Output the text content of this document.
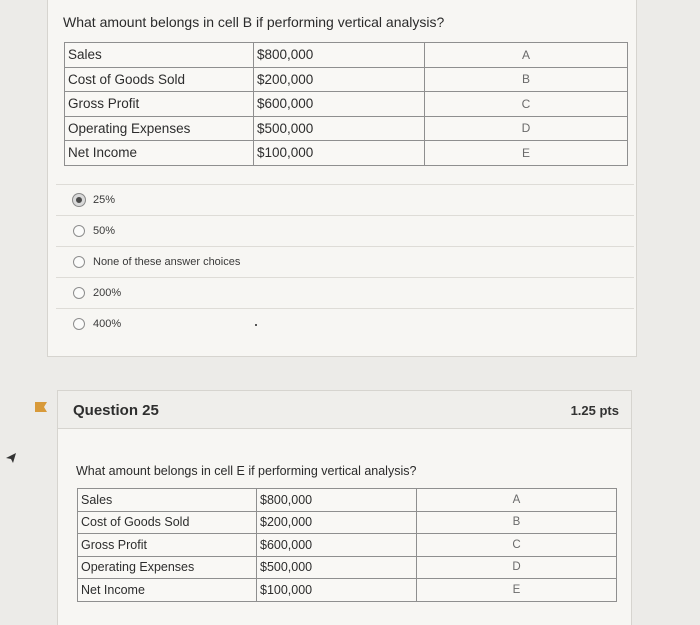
What amount belongs in cell B if performing vertical analysis?
Sales	$800,000	A
Cost of Goods Sold	$200,000	B
Gross Profit	$600,000	C
Operating Expenses	$500,000	D
Net Income	$100,000	E
25%
50%
None of these answer choices
200%
400%
Question 25	1.25 pts
What amount belongs in cell E if performing vertical analysis?
Sales	$800,000	A
Cost of Goods Sold	$200,000	B
Gross Profit	$600,000	C
Operating Expenses	$500,000	D
Net Income	$100,000	E
